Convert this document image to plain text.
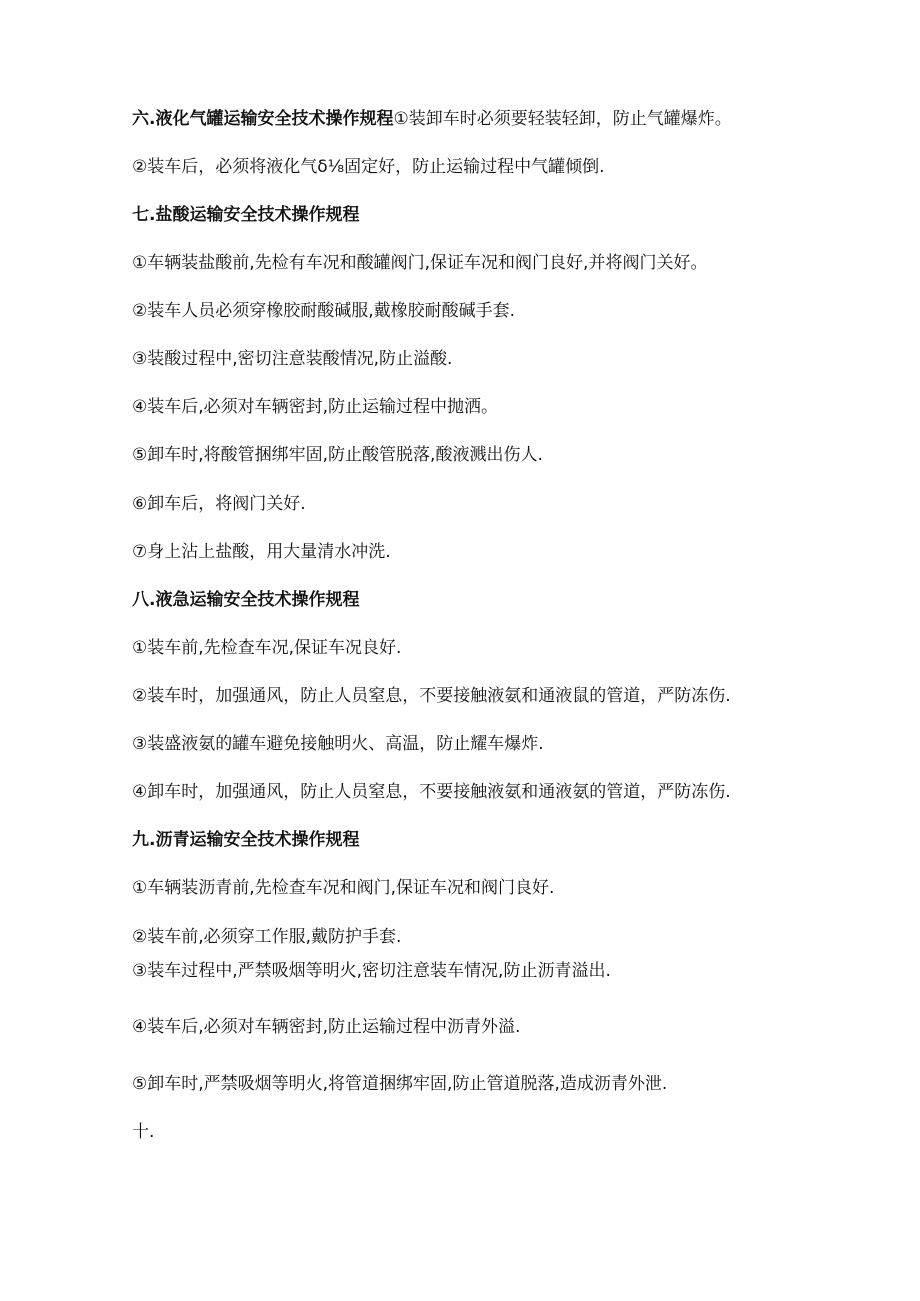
六.液化气罐运输安全技术操作规程①装卸车时必须要轻装轻卸，防止气罐爆炸。
②装车后，必须将液化气δ⅛固定好，防止运输过程中气罐倾倒.
七.盐酸运输安全技术操作规程
①车辆装盐酸前,先检有车况和酸罐阀门,保证车况和阀门良好,并将阀门关好。
②装车人员必须穿橡胶耐酸碱服,戴橡胶耐酸碱手套.
③装酸过程中,密切注意装酸情况,防止溢酸.
④装车后,必须对车辆密封,防止运输过程中抛洒。
⑤卸车时,将酸管捆绑牢固,防止酸管脱落,酸液溅出伤人.
⑥卸车后，将阀门关好.
⑦身上沾上盐酸，用大量清水冲洗.
八.液急运输安全技术操作规程
①装车前,先检查车况,保证车况良好.
②装车时，加强通风，防止人员窒息，不要接触液氨和通液鼠的管道，严防冻伤.
③装盛液氨的罐车避免接触明火、高温，防止耀车爆炸.
④卸车时，加强通风，防止人员窒息，不要接触液氨和通液氨的管道，严防冻伤.
九.沥青运输安全技术操作规程
①车辆装沥青前,先检查车况和阀门,保证车况和阀门良好.
②装车前,必须穿工作服,戴防护手套.
③装车过程中,严禁吸烟等明火,密切注意装车情况,防止沥青溢出.
④装车后,必须对车辆密封,防止运输过程中沥青外溢.
⑤卸车时,严禁吸烟等明火,将管道捆绑牢固,防止管道脱落,造成沥青外泄.
十.
